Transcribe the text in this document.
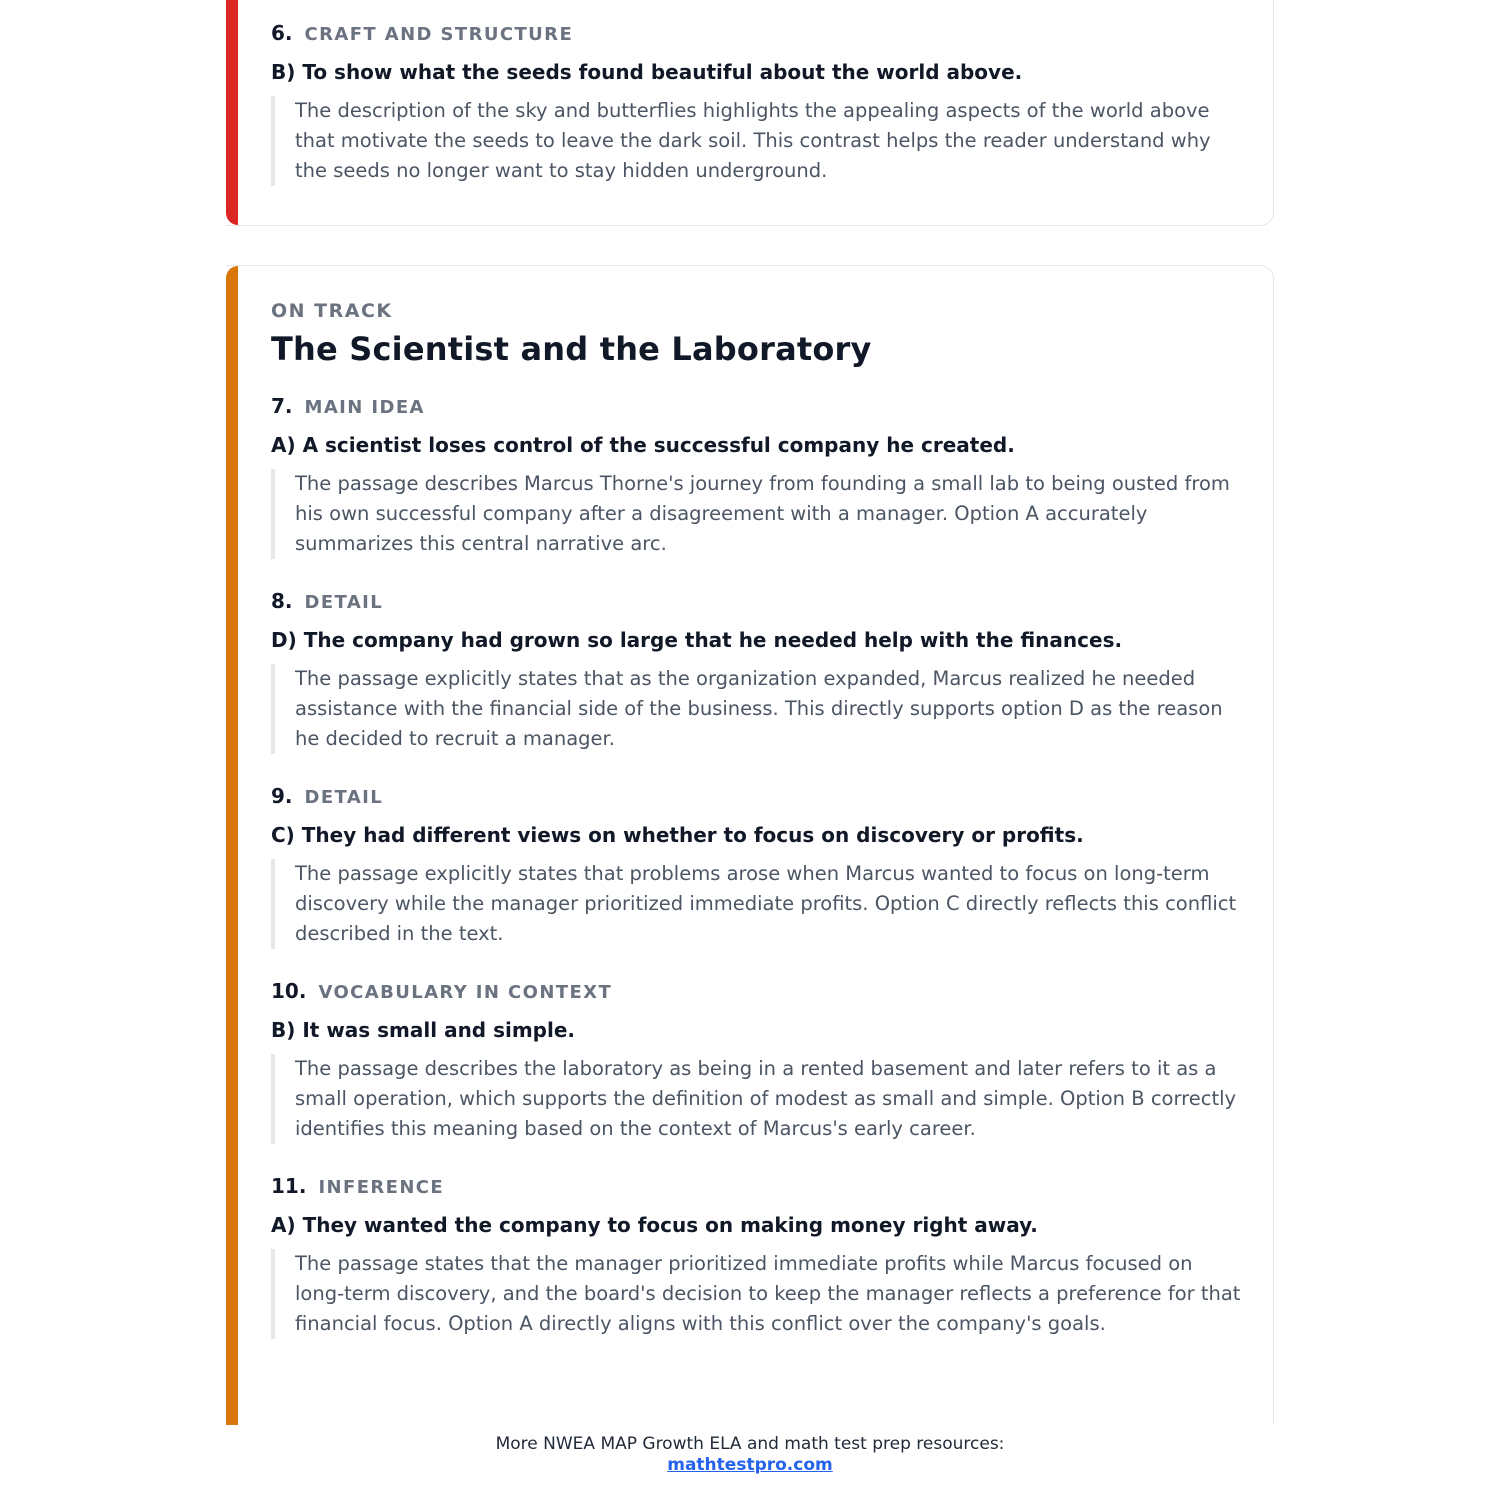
6. CRAFT AND STRUCTURE
B) To show what the seeds found beautiful about the world above.
The description of the sky and butterflies highlights the appealing aspects of the world above that motivate the seeds to leave the dark soil. This contrast helps the reader understand why the seeds no longer want to stay hidden underground.
ON TRACK
The Scientist and the Laboratory
7. MAIN IDEA
A) A scientist loses control of the successful company he created.
The passage describes Marcus Thorne's journey from founding a small lab to being ousted from his own successful company after a disagreement with a manager. Option A accurately summarizes this central narrative arc.
8. DETAIL
D) The company had grown so large that he needed help with the finances.
The passage explicitly states that as the organization expanded, Marcus realized he needed assistance with the financial side of the business. This directly supports option D as the reason he decided to recruit a manager.
9. DETAIL
C) They had different views on whether to focus on discovery or profits.
The passage explicitly states that problems arose when Marcus wanted to focus on long-term discovery while the manager prioritized immediate profits. Option C directly reflects this conflict described in the text.
10. VOCABULARY IN CONTEXT
B) It was small and simple.
The passage describes the laboratory as being in a rented basement and later refers to it as a small operation, which supports the definition of modest as small and simple. Option B correctly identifies this meaning based on the context of Marcus's early career.
11. INFERENCE
A) They wanted the company to focus on making money right away.
The passage states that the manager prioritized immediate profits while Marcus focused on long-term discovery, and the board's decision to keep the manager reflects a preference for that financial focus. Option A directly aligns with this conflict over the company's goals.
More NWEA MAP Growth ELA and math test prep resources:
mathtestpro.com
